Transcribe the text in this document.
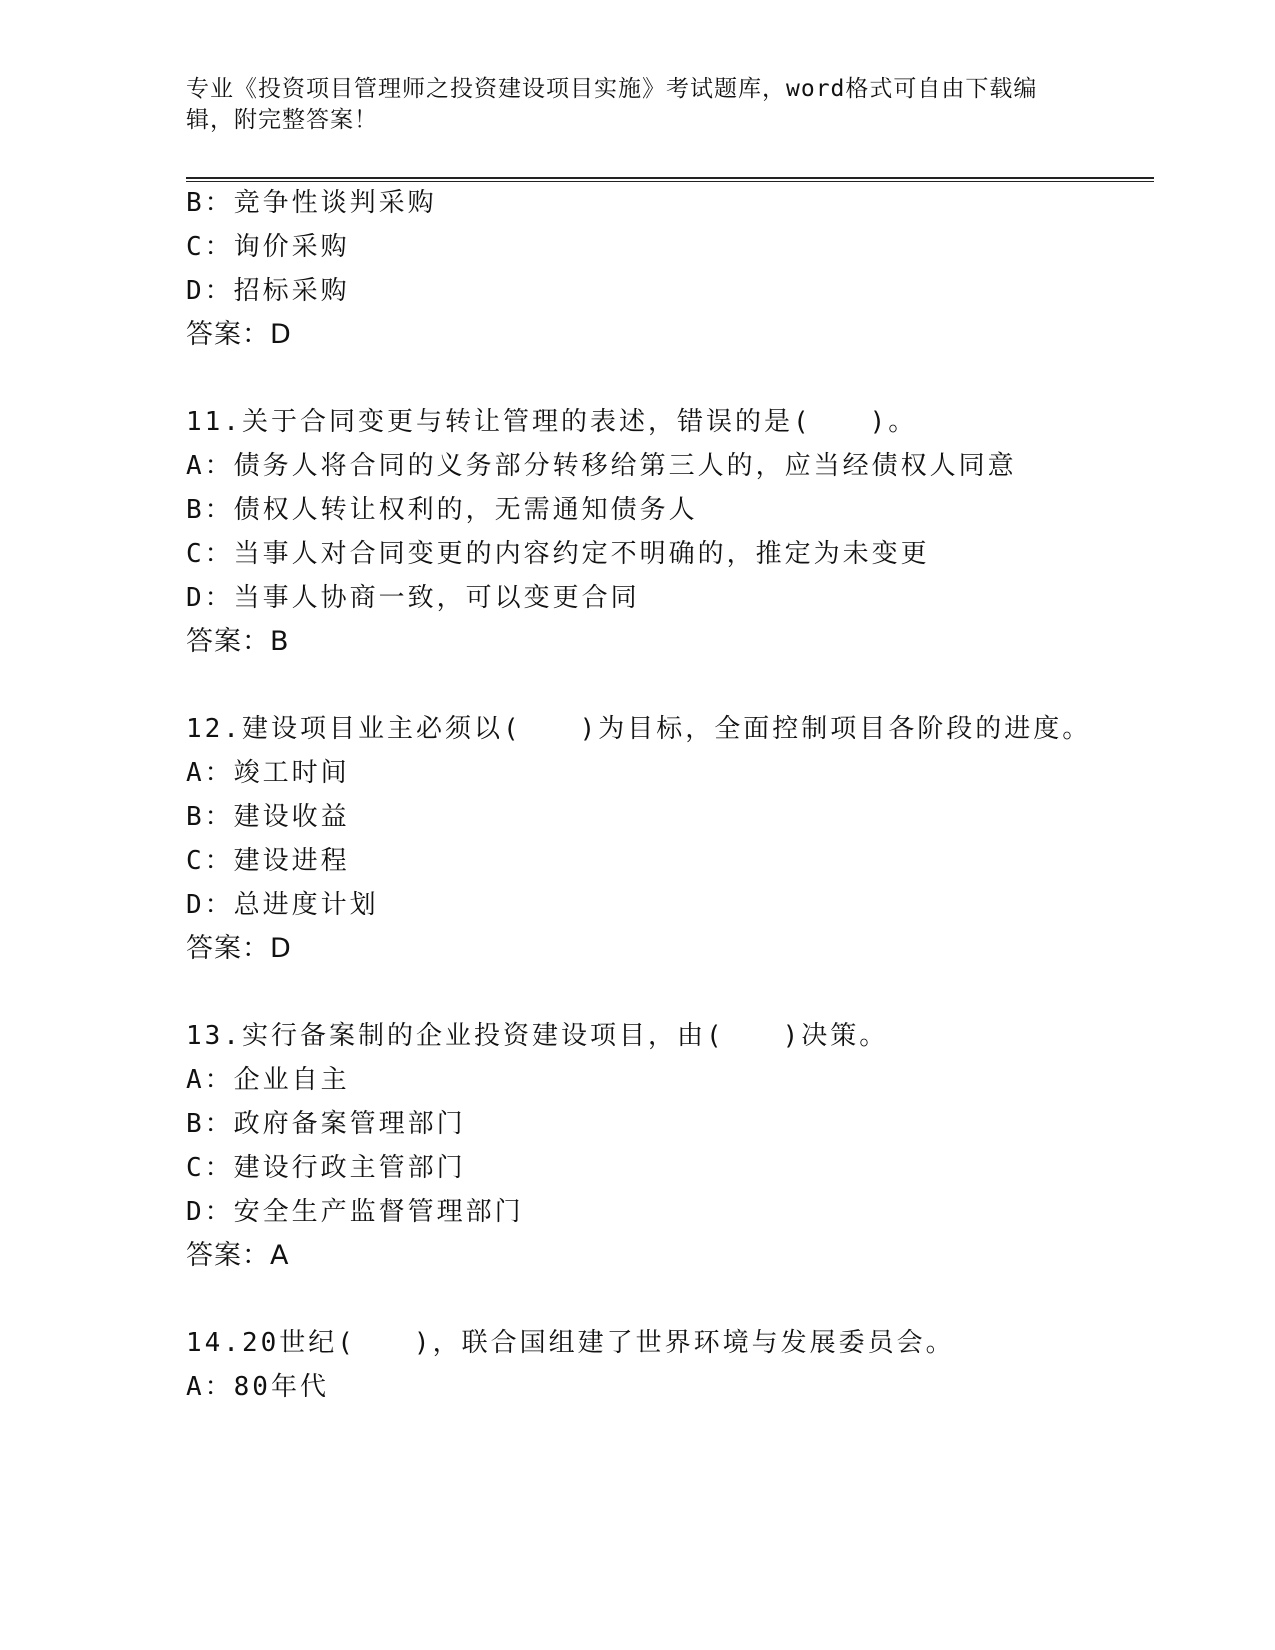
专业《投资项目管理师之投资建设项目实施》考试题库，word格式可自由下载编辑，附完整答案！
B：竞争性谈判采购
C：询价采购
D：招标采购
答案：D
11.关于合同变更与转让管理的表述，错误的是(　　)。
A：债务人将合同的义务部分转移给第三人的，应当经债权人同意
B：债权人转让权利的，无需通知债务人
C：当事人对合同变更的内容约定不明确的，推定为未变更
D：当事人协商一致，可以变更合同
答案：B
12.建设项目业主必须以(　　)为目标，全面控制项目各阶段的进度。
A：竣工时间
B：建设收益
C：建设进程
D：总进度计划
答案：D
13.实行备案制的企业投资建设项目，由(　　)决策。
A：企业自主
B：政府备案管理部门
C：建设行政主管部门
D：安全生产监督管理部门
答案：A
14.20世纪(　　)，联合国组建了世界环境与发展委员会。
A：80年代
